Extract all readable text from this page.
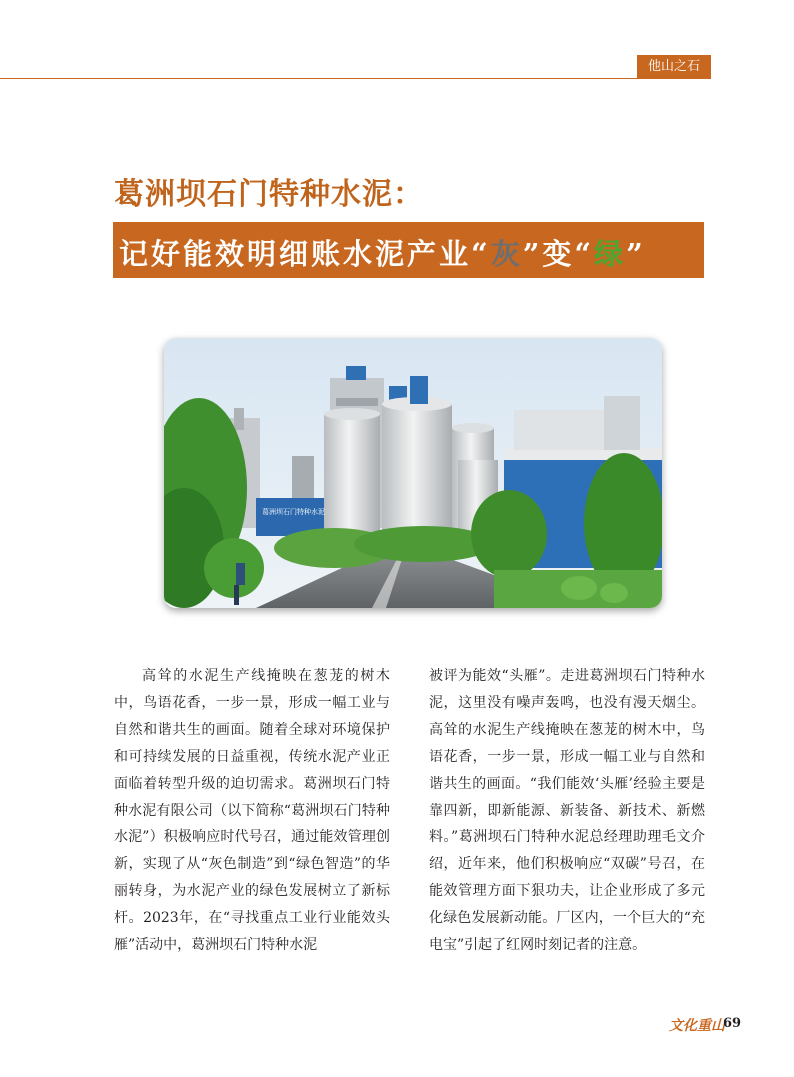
他山之石
葛洲坝石门特种水泥：
记好能效明细账水泥产业“灰”变“绿”
葛洲坝石门特种水泥

高耸的水泥生产线掩映在葱茏的树木中，鸟语花香，一步一景，形成一幅工业与自然和谐共生的画面。随着全球对环境保护和可持续发展的日益重视，传统水泥产业正面临着转型升级的迫切需求。葛洲坝石门特种水泥有限公司（以下简称“葛洲坝石门特种水泥”）积极响应时代号召，通过能效管理创新，实现了从“灰色制造”到“绿色智造”的华丽转身，为水泥产业的绿色发展树立了新标杆。2023年，在“寻找重点工业行业能效头雁”活动中，葛洲坝石门特种水泥

被评为能效“头雁”。走进葛洲坝石门特种水泥，这里没有噪声轰鸣，也没有漫天烟尘。高耸的水泥生产线掩映在葱茏的树木中，鸟语花香，一步一景，形成一幅工业与自然和谐共生的画面。“我们能效‘头雁’经验主要是靠四新，即新能源、新装备、新技术、新燃料。”葛洲坝石门特种水泥总经理助理毛文介绍，近年来，他们积极响应“双碳”号召，在能效管理方面下狠功夫，让企业形成了多元化绿色发展新动能。厂区内，一个巨大的“充电宝”引起了红网时刻记者的注意。

文化重山
69
